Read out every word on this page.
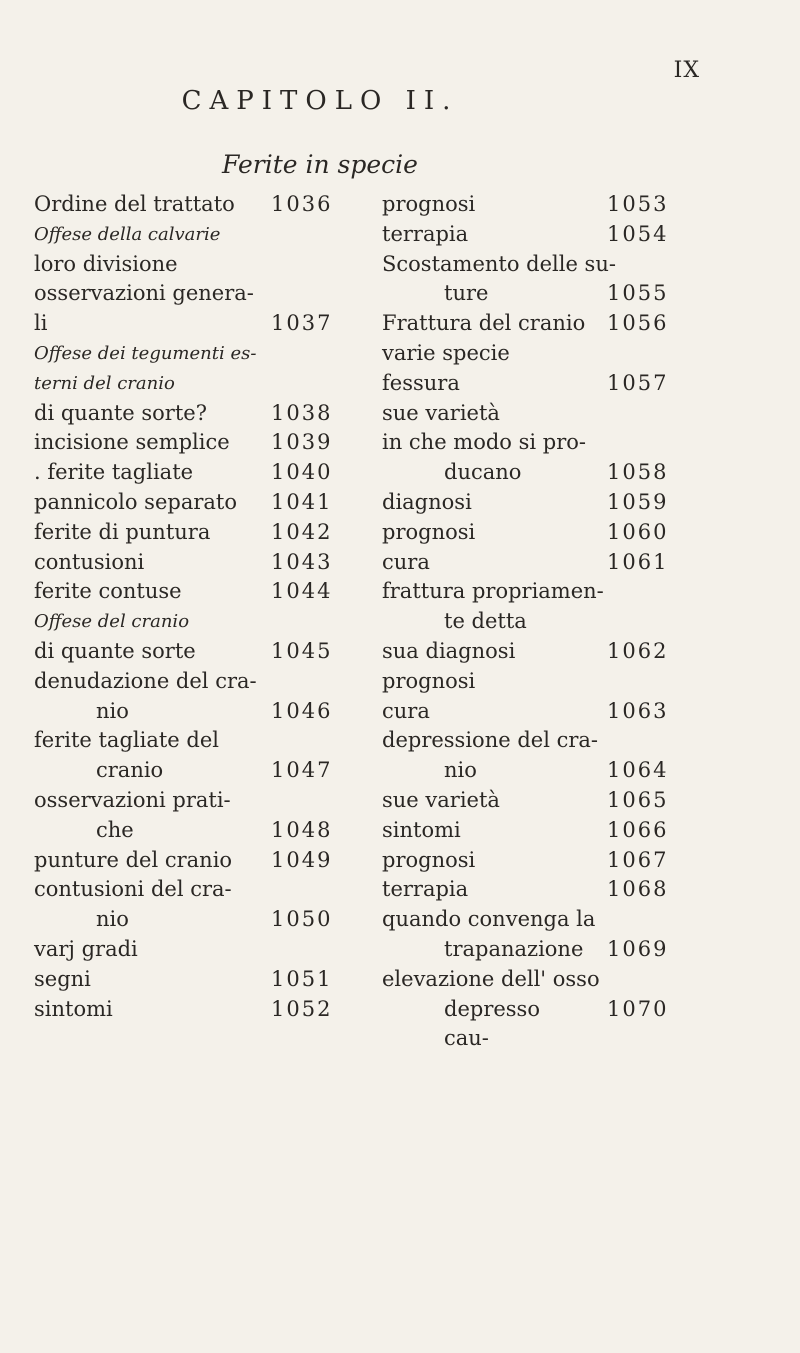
IX
CAPITOLO II.
Ferite in specie
Ordine del trattato 1036
Offese della calvarie
loro divisione
osservazioni genera-
li	1037
Offese dei tegumenti es-
terni del cranio
di quante sorte?	1038
incisione semplice 1039
. ferite tagliate	1040
pannicolo separato 1041
ferite di puntura	1042
contusioni	1043
ferite contuse	1044
Offese del cranio
di quante sorte	1045
denudazione del cra-
nio	1046
ferite tagliate del
cranio	1047
osservazioni prati-
che	1048
punture del cranio 1049
contusioni del cra-
nio	1050
varj gradi
segni	1051
sintomi	1052
prognosi	1053
terrapia	1054
Scostamento delle su-
ture	1055
Frattura del cranio 1056
varie specie
fessura	1057
sue varietà
in che modo si pro-
ducano	1058
diagnosi	1059
prognosi	1060
cura	1061
frattura propriamen-
te detta
sua diagnosi	1062
prognosi
cura	1063
depressione del cra-
nio	1064
sue varietà	1065
sintomi	1066
prognosi	1067
terrapia	1068
quando convenga la
trapanazione 1069
elevazione dell' osso
depresso	1070
cau-
